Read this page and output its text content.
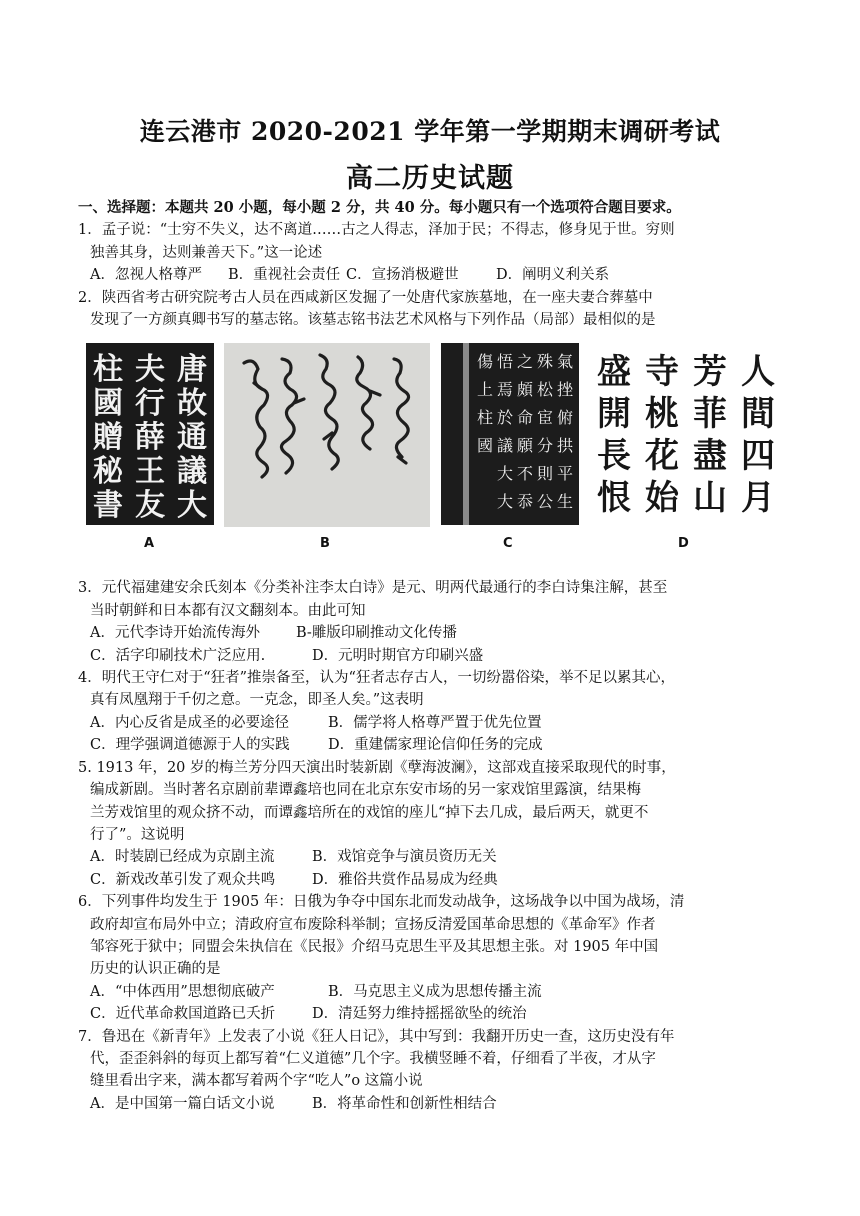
连云港市 2020-2021 学年第一学期期末调研考试
高二历史试题
一、选择题：本题共 20 小题，每小题 2 分，共 40 分。每小题只有一个选项符合题目要求。
1．孟子说：“士穷不失义，达不离道……古之人得志，泽加于民；不得志，修身见于世。穷则
独善其身，达则兼善天下。”这一论述
A．忽视人格尊严 B．重视社会责任 C．宣扬消极避世	D．阐明义利关系
2．陕西省考古研究院考古人员在西咸新区发掘了一处唐代家族墓地，在一座夫妻合葬墓中
发现了一方颜真卿书写的墓志铭。该墓志铭书法艺术风格与下列作品（局部）最相似的是
唐
故
通
議
大
夫
行
薛
王
友
柱
國
贈
秘
書
A	B
氣
挫
俯
拱
平
生
殊
松
宦
分
則
公
之
頗
命
願
不
忝
悟
焉
於
議
大
大
傷
上
柱
國
C
人
間
四
月
芳
菲
盡
山
寺
桃
花
始
盛
開
長
恨
D
3．元代福建建安余氏刻本《分类补注李太白诗》是元、明两代最通行的李白诗集注解，甚至
当时朝鲜和日本都有汉文翻刻本。由此可知
A．元代李诗开始流传海外 B-雕版印刷推动文化传播
C．活字印刷技术广泛应用.	D．元明时期官方印刷兴盛
4．明代王守仁对于“狂者”推崇备至，认为“狂者志存古人，一切纷嚣俗染，举不足以累其心，
真有凤凰翔于千仞之意。一克念，即圣人矣。”这表明
A．内心反省是成圣的必要途径	B．儒学将人格尊严置于优先位置
C．理学强调道德源于人的实践	D．重建儒家理论信仰任务的完成
5. 1913 年，20 岁的梅兰芳分四天演出时装新剧《孽海波澜》，这部戏直接采取现代的时事，
编成新剧。当时著名京剧前辈谭鑫培也同在北京东安市场的另一家戏馆里露演，结果梅
兰芳戏馆里的观众挤不动，而谭鑫培所在的戏馆的座儿“掉下去几成，最后两天，就更不
行了”。这说明
A．时装剧已经成为京剧主流	B．戏馆竞争与演员资历无关
C．新戏改革引发了观众共鸣	D．雅俗共赏作品易成为经典
6．下列事件均发生于 1905 年：日俄为争夺中国东北而发动战争，这场战争以中国为战场，清
政府却宣布局外中立；清政府宣布废除科举制；宣扬反清爱国革命思想的《革命军》作者
邹容死于狱中；同盟会朱执信在《民报》介绍马克思生平及其思想主张。对 1905 年中国
历史的认识正确的是
A．“中体西用”思想彻底破产	B．马克思主义成为思想传播主流
C．近代革命救国道路已夭折	D．清廷努力维持摇摇欲坠的统治
7．鲁迅在《新青年》上发表了小说《狂人日记》，其中写到：我翻开历史一查，这历史没有年
代，歪歪斜斜的每页上都写着“仁义道德”几个字。我横竖睡不着，仔细看了半夜，才从字
缝里看出字来，满本都写着两个字“吃人”o 这篇小说
A．是中国第一篇白话文小说	B．将革命性和创新性相结合
